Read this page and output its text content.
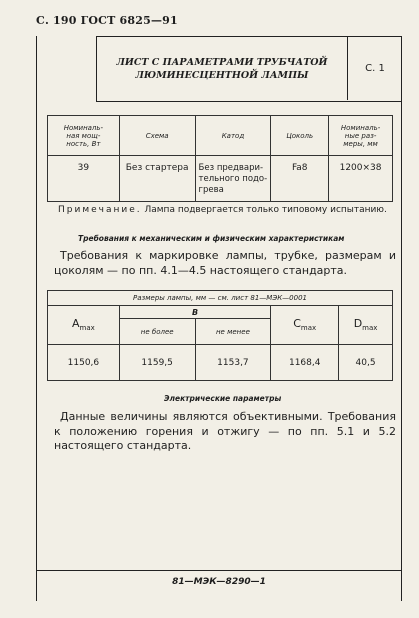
С. 190 ГОСТ 6825—91
ЛИСТ С ПАРАМЕТРАМИ ТРУБЧАТОЙ
ЛЮМИНЕСЦЕНТНОЙ ЛАМПЫ
С. 1
Номиналь-
ная мощ-
ность, Вт	Схема	Катод	Цоколь	Номиналь-
ные раз-
меры, мм
39	Без стартера	Без предвари-
тельного подо-
грева	Fa8	1200×38
Примечание. Лампа подвергается только типовому испытанию.
Требования к механическим и физическим характеристикам
Требования к маркировке лампы, трубке, размерам и цоколям — по пп. 4.1—4.5 настоящего стандарта.
Размеры лампы, мм — см. лист 81—МЭК—0001				
$A_{max}$	B		$C_{max}$	$D_{max}$
	не более	не менее		
1150,6	1159,5	1153,7	1168,4	40,5
Электрические параметры
Данные величины являются объективными. Требования к положению горения и отжигу — по пп. 5.1 и 5.2 настоящего стандарта.
81—МЭК—8290—1
